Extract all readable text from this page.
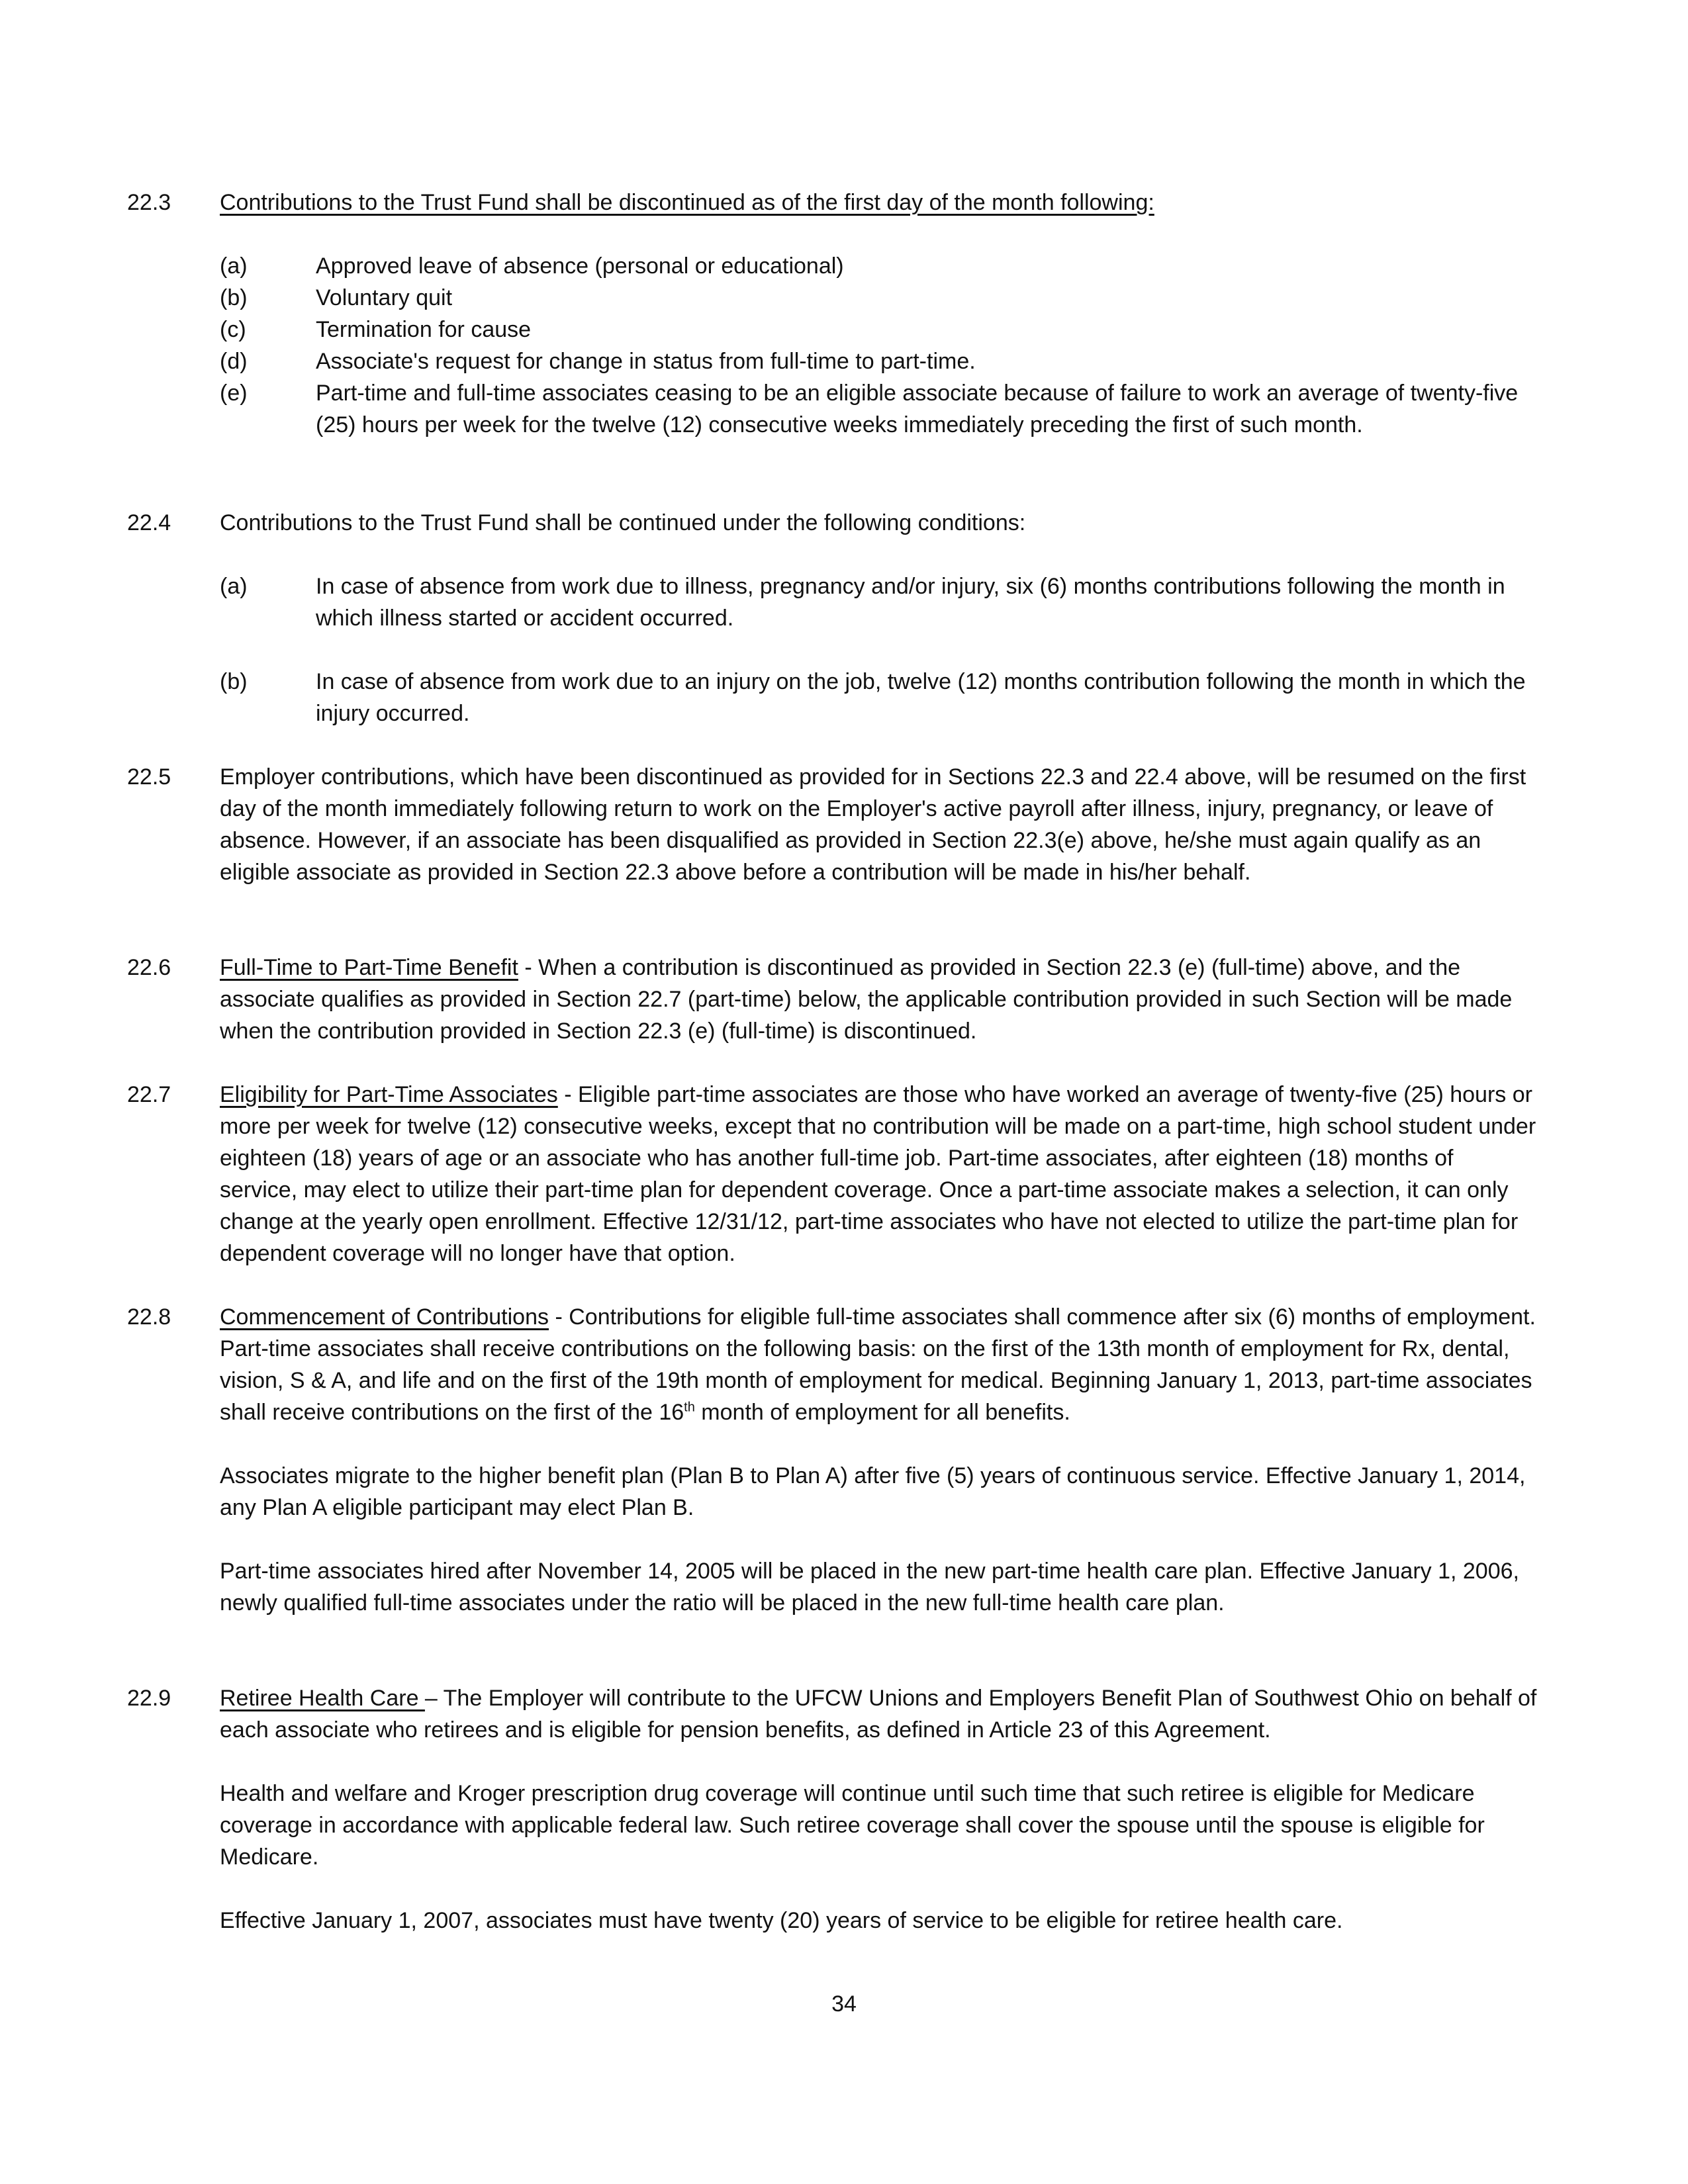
22.3 Contributions to the Trust Fund shall be discontinued as of the first day of the month following:

(a)	Approved leave of absence (personal or educational)

(b)	Voluntary quit

(c)	Termination for cause

(d)	Associate's request for change in status from full-time to part-time.

(e)	Part-time and full-time associates ceasing to be an eligible associate because of failure to work an average of twenty-five (25) hours per week for the twelve (12) consecutive weeks immediately preceding the first of such month.

22.4 Contributions to the Trust Fund shall be continued under the following conditions:

(a)	In case of absence from work due to illness, pregnancy and/or injury, six (6) months contributions following the month in which illness started or accident occurred.

(b)	In case of absence from work due to an injury on the job, twelve (12) months contribution following the month in which the injury occurred.

22.5 Employer contributions, which have been discontinued as provided for in Sections 22.3 and 22.4 above, will be resumed on the first day of the month immediately following return to work on the Employer's active payroll after illness, injury, pregnancy, or leave of absence. However, if an associate has been disqualified as provided in Section 22.3(e) above, he/she must again qualify as an eligible associate as provided in Section 22.3 above before a contribution will be made in his/her behalf.

22.6 Full-Time to Part-Time Benefit - When a contribution is discontinued as provided in Section 22.3 (e) (full-time) above, and the associate qualifies as provided in Section 22.7 (part-time) below, the applicable contribution provided in such Section will be made when the contribution provided in Section 22.3 (e) (full-time) is discontinued.

22.7 Eligibility for Part-Time Associates - Eligible part-time associates are those who have worked an average of twenty-five (25) hours or more per week for twelve (12) consecutive weeks, except that no contribution will be made on a part-time, high school student under eighteen (18) years of age or an associate who has another full-time job. Part-time associates, after eighteen (18) months of service, may elect to utilize their part-time plan for dependent coverage. Once a part-time associate makes a selection, it can only change at the yearly open enrollment. Effective 12/31/12, part-time associates who have not elected to utilize the part-time plan for dependent coverage will no longer have that option.

22.8 Commencement of Contributions - Contributions for eligible full-time associates shall commence after six (6) months of employment. Part-time associates shall receive contributions on the following basis: on the first of the 13th month of employment for Rx, dental, vision, S & A, and life and on the first of the 19th month of employment for medical. Beginning January 1, 2013, part-time associates shall receive contributions on the first of the 16th month of employment for all benefits.

Associates migrate to the higher benefit plan (Plan B to Plan A) after five (5) years of continuous service. Effective January 1, 2014, any Plan A eligible participant may elect Plan B.

Part-time associates hired after November 14, 2005 will be placed in the new part-time health care plan. Effective January 1, 2006, newly qualified full-time associates under the ratio will be placed in the new full-time health care plan.

22.9 Retiree Health Care – The Employer will contribute to the UFCW Unions and Employers Benefit Plan of Southwest Ohio on behalf of each associate who retirees and is eligible for pension benefits, as defined in Article 23 of this Agreement.

Health and welfare and Kroger prescription drug coverage will continue until such time that such retiree is eligible for Medicare coverage in accordance with applicable federal law. Such retiree coverage shall cover the spouse until the spouse is eligible for Medicare.

Effective January 1, 2007, associates must have twenty (20) years of service to be eligible for retiree health care.

34
